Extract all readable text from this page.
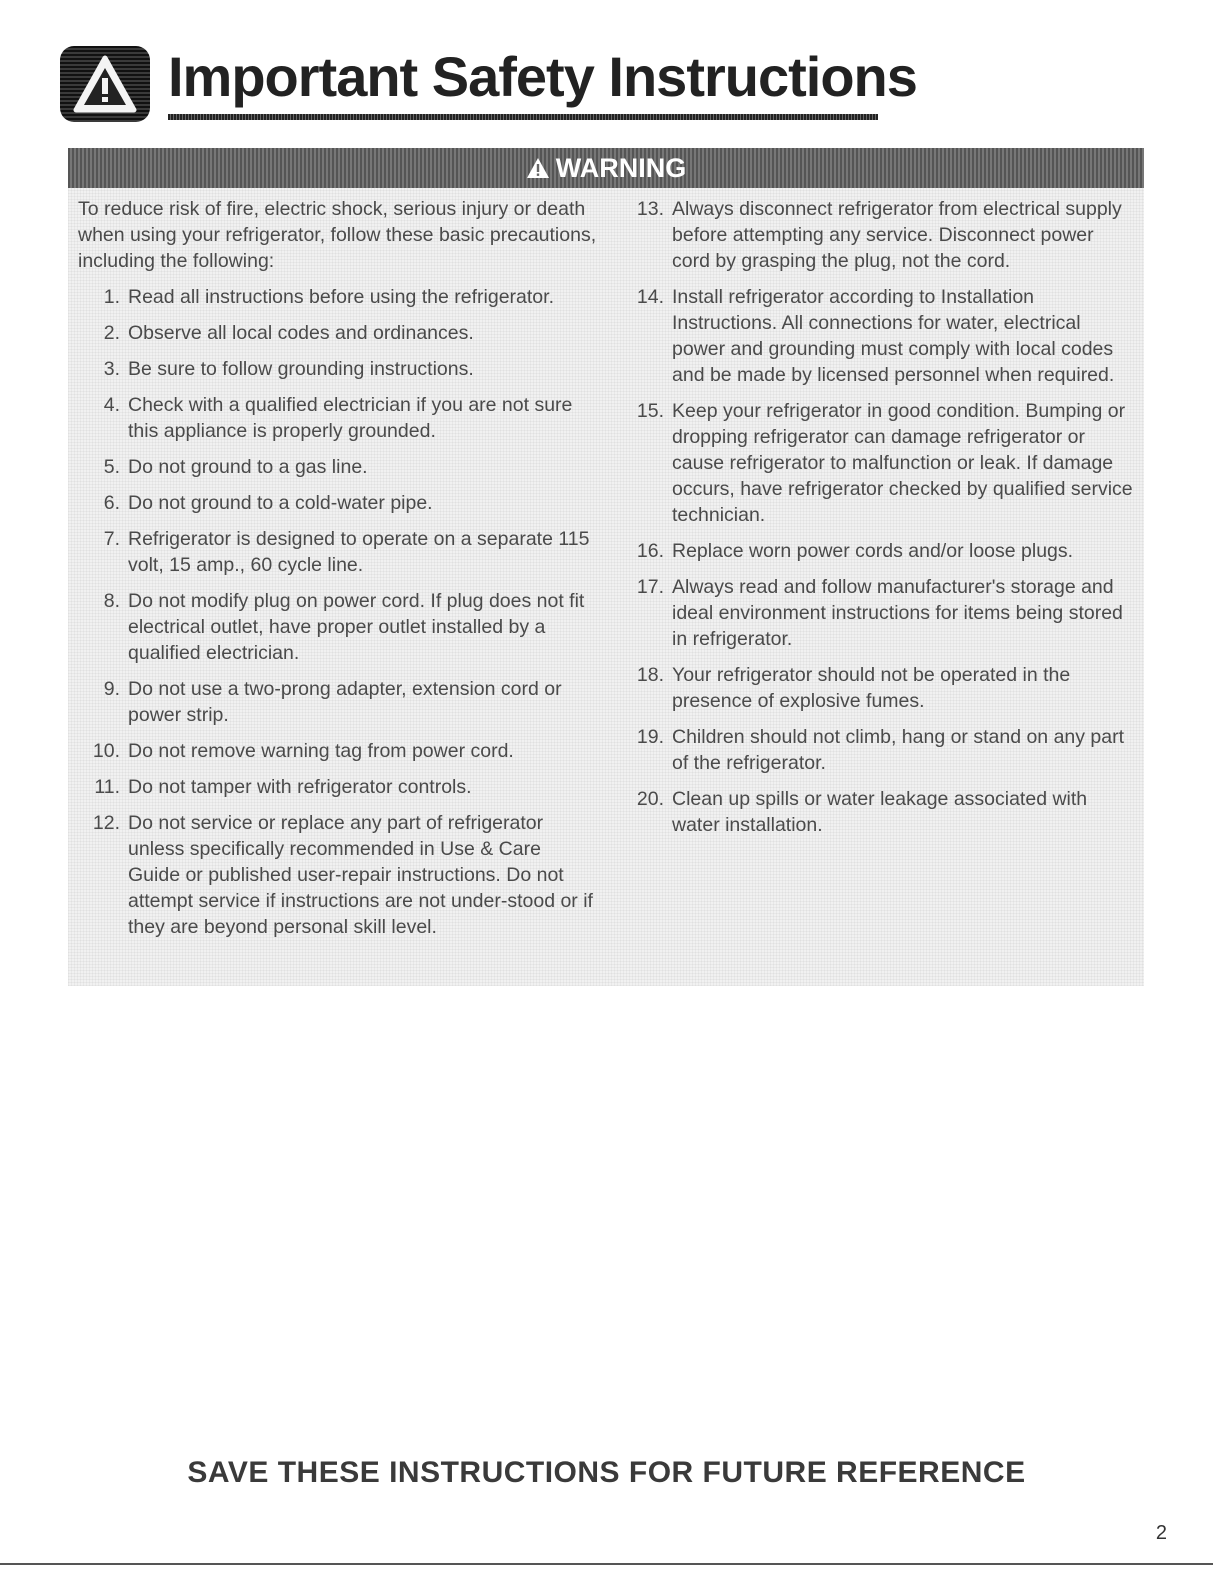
Important Safety Instructions
WARNING

To reduce risk of fire, electric shock, serious injury or death when using your refrigerator, follow these basic precautions, including the following:

1. Read all instructions before using the refrigerator.
2. Observe all local codes and ordinances.
3. Be sure to follow grounding instructions.
4. Check with a qualified electrician if you are not sure this appliance is properly grounded.
5. Do not ground to a gas line.
6. Do not ground to a cold-water pipe.
7. Refrigerator is designed to operate on a separate 115 volt, 15 amp., 60 cycle line.
8. Do not modify plug on power cord. If plug does not fit electrical outlet, have proper outlet installed by a qualified electrician.
9. Do not use a two-prong adapter, extension cord or power strip.
10. Do not remove warning tag from power cord.
11. Do not tamper with refrigerator controls.
12. Do not service or replace any part of refrigerator unless specifically recommended in Use & Care Guide or published user-repair instructions. Do not attempt service if instructions are not under-stood or if they are beyond personal skill level.
13. Always disconnect refrigerator from electrical supply before attempting any service. Disconnect power cord by grasping the plug, not the cord.
14. Install refrigerator according to Installation Instructions. All connections for water, electrical power and grounding must comply with local codes and be made by licensed personnel when required.
15. Keep your refrigerator in good condition. Bumping or dropping refrigerator can damage refrigerator or cause refrigerator to malfunction or leak. If damage occurs, have refrigerator checked by qualified service technician.
16. Replace worn power cords and/or loose plugs.
17. Always read and follow manufacturer's storage and ideal environment instructions for items being stored in refrigerator.
18. Your refrigerator should not be operated in the presence of explosive fumes.
19. Children should not climb, hang or stand on any part of the refrigerator.
20. Clean up spills or water leakage associated with water installation.
SAVE THESE INSTRUCTIONS FOR FUTURE REFERENCE
2
